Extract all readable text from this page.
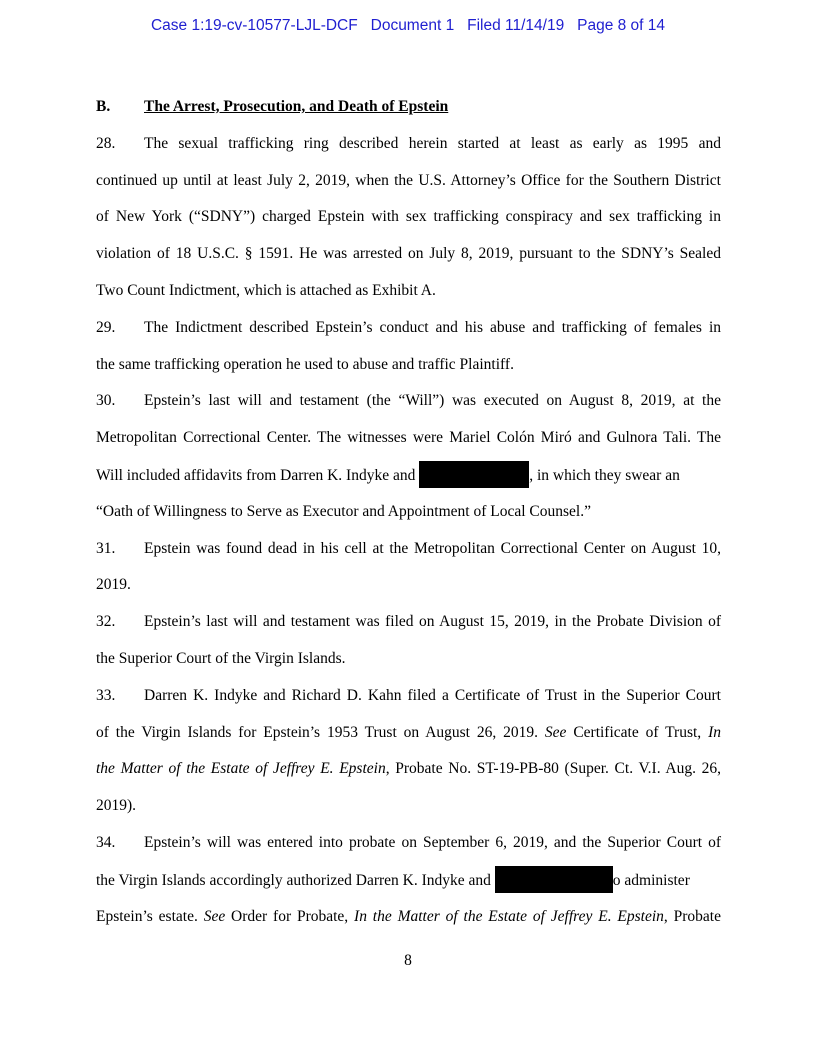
Case 1:19-cv-10577-LJL-DCF   Document 1   Filed 11/14/19   Page 8 of 14

B. The Arrest, Prosecution, and Death of Epstein
28. The sexual trafficking ring described herein started at least as early as 1995 and
continued up until at least July 2, 2019, when the U.S. Attorney’s Office for the Southern District
of New York (“SDNY”) charged Epstein with sex trafficking conspiracy and sex trafficking in
violation of 18 U.S.C. § 1591. He was arrested on July 8, 2019, pursuant to the SDNY’s Sealed
Two Count Indictment, which is attached as Exhibit A.
29. The Indictment described Epstein’s conduct and his abuse and trafficking of females in
the same trafficking operation he used to abuse and traffic Plaintiff.
30. Epstein’s last will and testament (the “Will”) was executed on August 8, 2019, at the
Metropolitan Correctional Center. The witnesses were Mariel Colón Miró and Gulnora Tali. The
Will included affidavits from Darren K. Indyke and	, in which they swear an
“Oath of Willingness to Serve as Executor and Appointment of Local Counsel.”
31. Epstein was found dead in his cell at the Metropolitan Correctional Center on August 10,
2019.
32. Epstein’s last will and testament was filed on August 15, 2019, in the Probate Division of
the Superior Court of the Virgin Islands.
33. Darren K. Indyke and Richard D. Kahn filed a Certificate of Trust in the Superior Court
of the Virgin Islands for Epstein’s 1953 Trust on August 26, 2019. See Certificate of Trust, In
the Matter of the Estate of Jeffrey E. Epstein, Probate No. ST-19-PB-80 (Super. Ct. V.I. Aug. 26,
2019).
34. Epstein’s will was entered into probate on September 6, 2019, and the Superior Court of
the Virgin Islands accordingly authorized Darren K. Indyke and	o administer
Epstein’s estate. See Order for Probate, In the Matter of the Estate of Jeffrey E. Epstein, Probate

8
